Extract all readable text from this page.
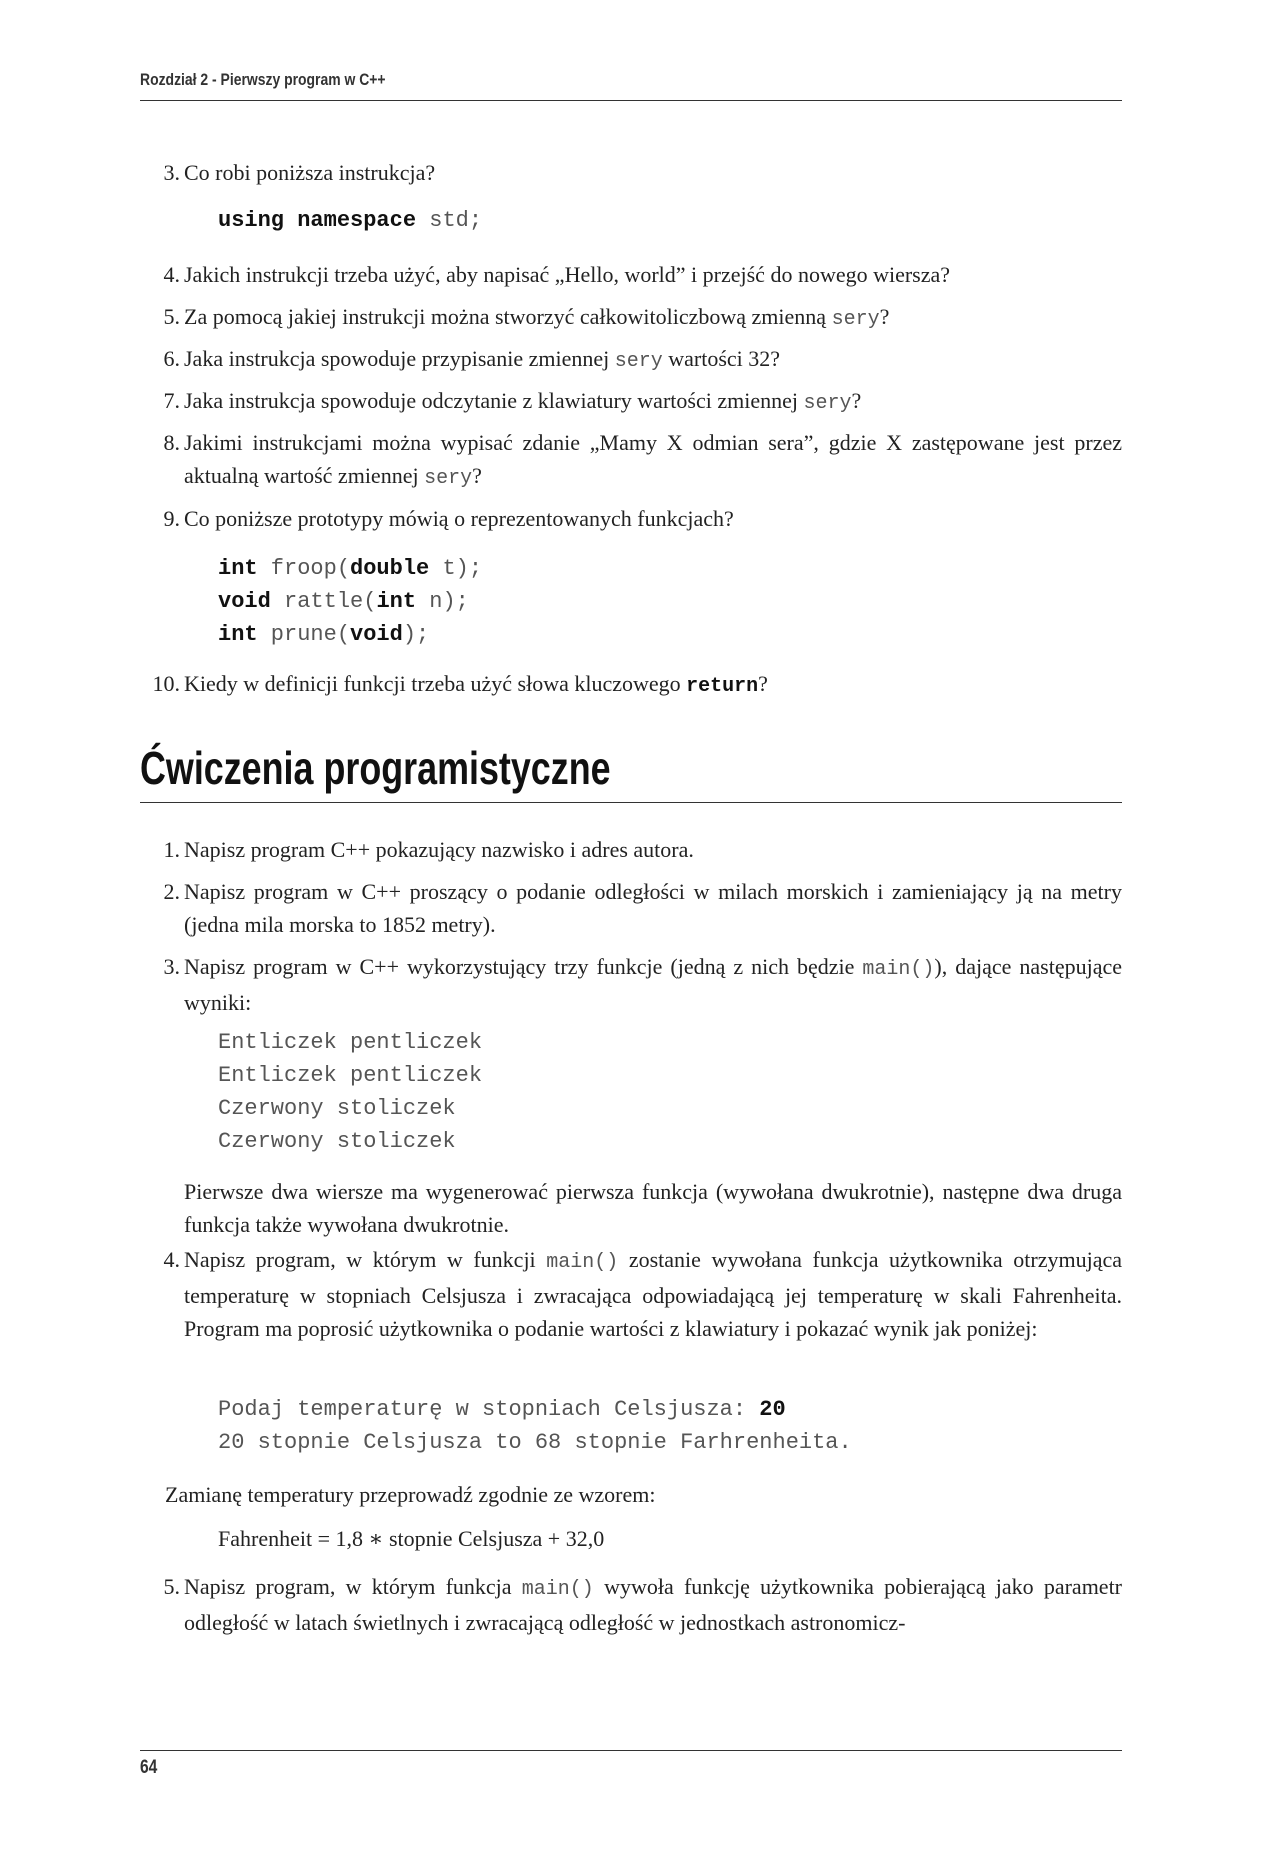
Rozdział 2 - Pierwszy program w C++
3. Co robi poniższa instrukcja?
using namespace std;
4. Jakich instrukcji trzeba użyć, aby napisać „Hello, world” i przejść do nowego wiersza?
5. Za pomocą jakiej instrukcji można stworzyć całkowitoliczbową zmienną sery?
6. Jaka instrukcja spowoduje przypisanie zmiennej sery wartości 32?
7. Jaka instrukcja spowoduje odczytanie z klawiatury wartości zmiennej sery?
8. Jakimi instrukcjami można wypisać zdanie „Mamy X odmian sera”, gdzie X zastępowane jest przez aktualną wartość zmiennej sery?
9. Co poniższe prototypy mówią o reprezentowanych funkcjach?
int froop(double t);
void rattle(int n);
int prune(void);
10. Kiedy w definicji funkcji trzeba użyć słowa kluczowego return?
Ćwiczenia programistyczne
1. Napisz program C++ pokazujący nazwisko i adres autora.
2. Napisz program w C++ proszący o podanie odległości w milach morskich i zamieniający ją na metry (jedna mila morska to 1852 metry).
3. Napisz program w C++ wykorzystujący trzy funkcje (jedną z nich będzie main()), dające następujące wyniki:
Entliczek pentliczek
Entliczek pentliczek
Czerwony stoliczek
Czerwony stoliczek
Pierwsze dwa wiersze ma wygenerować pierwsza funkcja (wywołana dwukrotnie), następne dwa druga funkcja także wywołana dwukrotnie.
4. Napisz program, w którym w funkcji main() zostanie wywołana funkcja użytkownika otrzymująca temperaturę w stopniach Celsjusza i zwracająca odpowiadającą jej temperaturę w skali Fahrenheita. Program ma poprosić użytkownika o podanie wartości z klawiatury i pokazać wynik jak poniżej:
Podaj temperaturę w stopniach Celsjusza: 20
20 stopnie Celsjusza to 68 stopnie Farhrenheita.
Zamianę temperatury przeprowadź zgodnie ze wzorem:
Fahrenheit = 1,8 ∗ stopnie Celsjusza + 32,0
5. Napisz program, w którym funkcja main() wywoła funkcję użytkownika pobierającą jako parametr odległość w latach świetlnych i zwracającą odległość w jednostkach astronomicz-
64
